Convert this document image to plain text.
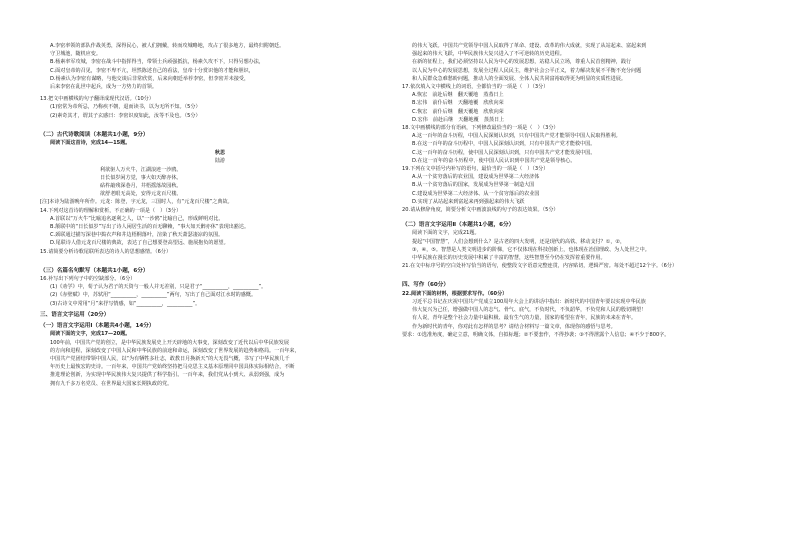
A.李密率领的部队作战英勇，深得民心，被人们拥戴，转而攻城略地，攻占了很多地方，最终归附朝廷。

守卫城池，随机应变。

B.杨素率军攻城，李密在战斗中指挥得当，带领士兵顽强抵抗，杨素久攻不下，只得另想办法，

C.面对皇帝的召见，李密不卑不亢，坦然陈述自己的看法，皇帝十分赏识他的才能和胆识，

D.杨素认为李密有谋略，与他交谈后非常欣赏，后来向朝廷举荐李密，但李密并未接受，

后来李密在乱世中起兵，成为一方势力的首领。

13.把文中画横线的句子翻译成现代汉语。（10分）

(1)密常为帝所忌，乃称疾不朝，退而读书，以为无所不知。（5分）

(2)素奇其才，谓其子玄感曰：李密识度如此，汝等不及也。（5分）

（二）古代诗歌阅读（本题共1小题，9分）

阅读下面这首诗，完成14—15题。

秋思

陆游

利欲驱人万火牛，江湖浪迹一沙鸥。

日长似岁闲方觉，事大如天醉亦休。

砧杵敲残深巷月，井梧摇落故园秋。

欲舒老眼无高处，安得元龙百尺楼。

[注]本诗为陆游晚年所作。元龙：陈登，字元龙，三国时人，有“元龙百尺楼”之典故。

14.下列对这首诗的理解和赏析，不正确的一项是（　）（3分）

A.首联以“万火牛”比喻追名逐利之人，以“一沙鸥”比喻自己，形成鲜明对比。

B.颔联中的“日长似岁”写出了诗人闲居生活的百无聊赖，“事大如天醉亦休”表现出豁达。

C.颈联通过描写深巷中捣衣声和井边梧桐落叶，渲染了秋天萧瑟凄凉的氛围。

D.尾联诗人借元龙百尺楼的典故，表达了自己想要登高望远、施展抱负的愿望。

15.请简要分析诗歌尾联所表达的诗人的思想感情。（6分）

（三）名篇名句默写（本题共1小题，6分）

16.补写出下列句子中的空缺部分。（6分）

(1)《劝学》中，荀子认为君子的天资与一般人并无差别，只是君子“__________，__________”。

(2)《赤壁赋》中，苏轼用“__________，__________”两句，写出了自己面对江水时的感慨。

(3)古诗文中常用“月”来抒写情感，如“__________，__________”。

三、语言文字运用（20分）

（一）语言文字运用Ⅰ（本题共4小题，14分）

阅读下面的文字，完成17—20题。

100年前，中国共产党的创立，是中华民族发展史上开天辟地的大事变，深刻改变了近代以后中华民族发展

的方向和进程，深刻改变了中国人民和中华民族的前途和命运，深刻改变了世界发展的趋势和格局。一百年来，

中国共产党团结带领中国人民，以“为有牺牲多壮志，敢教日月换新天”的大无畏气概，书写了中华民族几千

年历史上最恢宏的史诗。一百年来，中国共产党始终坚持把马克思主义基本原理同中国具体实际相结合，不断

推进理论创新，为实现中华民族伟大复兴提供了科学指引。一百年来，我们党从小到大、从弱到强，成为

拥有九千多万名党员、在世界最大国家长期执政的党。

的伟大飞跃。中国共产党领导中国人民取得了革命、建设、改革的伟大成就，实现了从站起来、富起来到

强起来的伟大飞跃，中华民族伟大复兴进入了不可逆转的历史进程。

在新的征程上，我们必须坚持以人民为中心的发展思想，站稳人民立场，尊重人民首创精神，践行

以人民为中心的发展思想，发展全过程人民民主，维护社会公平正义，着力解决发展不平衡不充分问题

和人民群众急难愁盼问题，推动人的全面发展、全体人民共同富裕取得更为明显的实质性进展。

17.依次填入文中横线上的词语，全都恰当的一项是（　）（3分）

A.恢宏　前赴后继　翻天覆地　蒸蒸日上

B.宏伟　前仆后继　天翻地覆　欣欣向荣

C.恢宏　前仆后继　翻天覆地　欣欣向荣

D.宏伟　前赴后继　天翻地覆　蒸蒸日上

18.文中画横线的部分有语病，下列修改最恰当的一项是（　）（3分）

A.这一百年的奋斗历程，中国人民深刻认识到，只有中国共产党才能领导中国人民取得胜利。

B.在这一百年的奋斗历程中，中国人民深刻认识到，只有中国共产党才能救中国。

C.这一百年的奋斗历程，使中国人民深刻认识到，只有中国共产党才能发展中国。

D.在这一百年的奋斗历程中，使中国人民认识到中国共产党是领导核心。

19.下列在文中括号内补写的语句，最恰当的一项是（　）（3分）

A.从一个贫穷落后的农业国，建设成为世界第二大经济体

B.从一个贫穷落后的国家，发展成为世界第一制造大国

C.建设成为世界第二大经济体、从一个贫穷落后的农业国

D.实现了从站起来到富起来再到强起来的伟大飞跃

20.请从修辞角度，简要分析文中画波浪线的句子的表达效果。（5分）

（二）语言文字运用Ⅱ（本题共1小题，6分）

阅读下面的文字，完成21题。

提起“中国智慧”，人们会想到什么？是古老的四大发明，还是现代的高铁、移动支付？①，②，

③，④，⑤。智慧是人类文明进步的阶梯，它不仅体现在科技创新上，也体现在治国理政、为人处世之中。

中华民族在漫长的历史发展中积累了丰富的智慧，这些智慧至今仍在发挥着重要作用。

21.在文中标序号的空白处补写恰当的语句，使整段文字语意完整连贯，内容贴切，逻辑严密。每处不超过12个字。（6分）

四、写作（60分）

22.阅读下面的材料，根据要求写作。（60分）

习近平总书记在庆祝中国共产党成立100周年大会上的讲话中指出：新时代的中国青年要以实现中华民族

伟大复兴为己任，增强做中国人的志气、骨气、底气，不负时代，不负韶华，不负党和人民的殷切期望！

有人说，青年是整个社会力量中最积极、最有生气的力量，国家的希望在青年，民族的未来在青年。

作为新时代的青年，你对此有怎样的思考？请结合材料写一篇文章，体现你的感悟与思考。

要求：①选准角度，确定立意，明确文体，自拟标题；②不要套作，不得抄袭；③不得泄露个人信息；④不少于800字。
